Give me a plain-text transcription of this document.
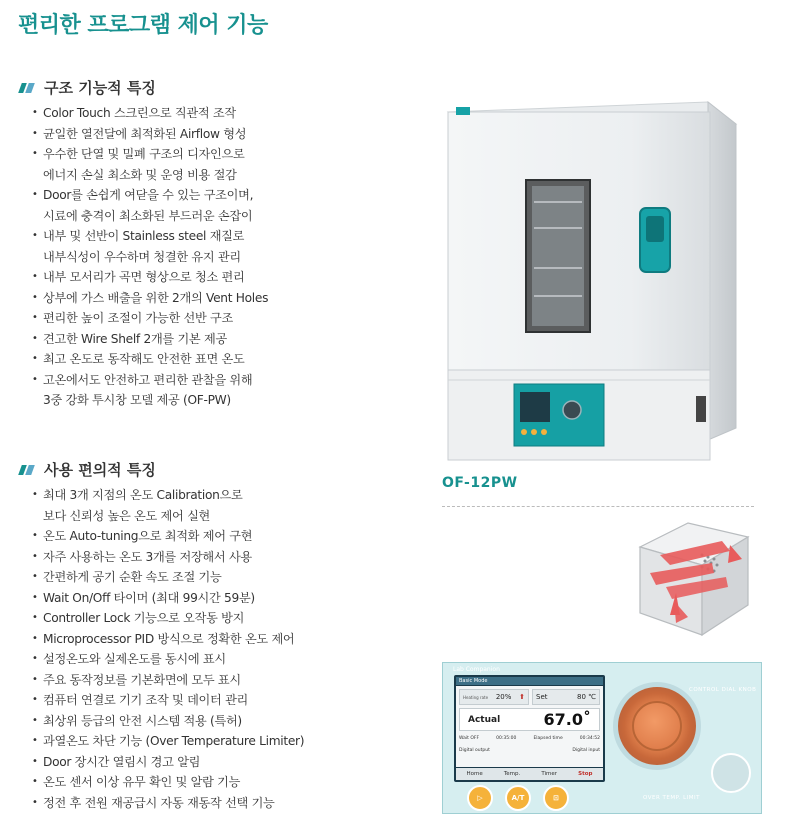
편리한 프로그램 제어 기능
구조 기능적 특징
• Color Touch 스크린으로 직관적 조작
• 균일한 열전달에 최적화된 Airflow 형성
• 우수한 단열 및 밀폐 구조의 디자인으로
에너지 손실 최소화 및 운영 비용 절감
• Door를 손쉽게 여닫을 수 있는 구조이며,
시료에 충격이 최소화된 부드러운 손잡이
• 내부 및 선반이 Stainless steel 재질로
내부식성이 우수하며 청결한 유지 관리
• 내부 모서리가 곡면 형상으로 청소 편리
• 상부에 가스 배출을 위한 2개의 Vent Holes
• 편리한 높이 조절이 가능한 선반 구조
• 견고한 Wire Shelf 2개를 기본 제공
• 최고 온도로 동작해도 안전한 표면 온도
• 고온에서도 안전하고 편리한 관찰을 위해
3중 강화 투시창 모델 제공 (OF-PW)
사용 편의적 특징
• 최대 3개 지점의 온도 Calibration으로
보다 신뢰성 높은 온도 제어 실현
• 온도 Auto-tuning으로 최적화 제어 구현
• 자주 사용하는 온도 3개를 저장해서 사용
• 간편하게 공기 순환 속도 조절 기능
• Wait On/Off 타이머 (최대 99시간 59분)
• Controller Lock 기능으로 오작동 방지
• Microprocessor PID 방식으로 정확한 온도 제어
• 설정온도와 실제온도를 동시에 표시
• 주요 동작정보를 기본화면에 모두 표시
• 컴퓨터 연결로 기기 조작 및 데이터 관리
• 최상위 등급의 안전 시스템 적용 (특허)
• 과열온도 차단 기능 (Over Temperature Limiter)
• Door 장시간 열림시 경고 알림
• 온도 센서 이상 유무 확인 및 알람 기능
• 정전 후 전원 재공급시 자동 재동작 선택 기능
OF-12PW
Lab Companion
Basic Mode
Heating rate 20% ⬆ Set	80 ℃
Actual	67.0˚
Wait OFF	00:35:00	Elapsed time	00:34:52
Digital output	Digital input
Home	Temp.	Timer	Stop
CONTROL DIAL KNOB
OVER TEMP. LIMIT
▷	A/T	⊡
